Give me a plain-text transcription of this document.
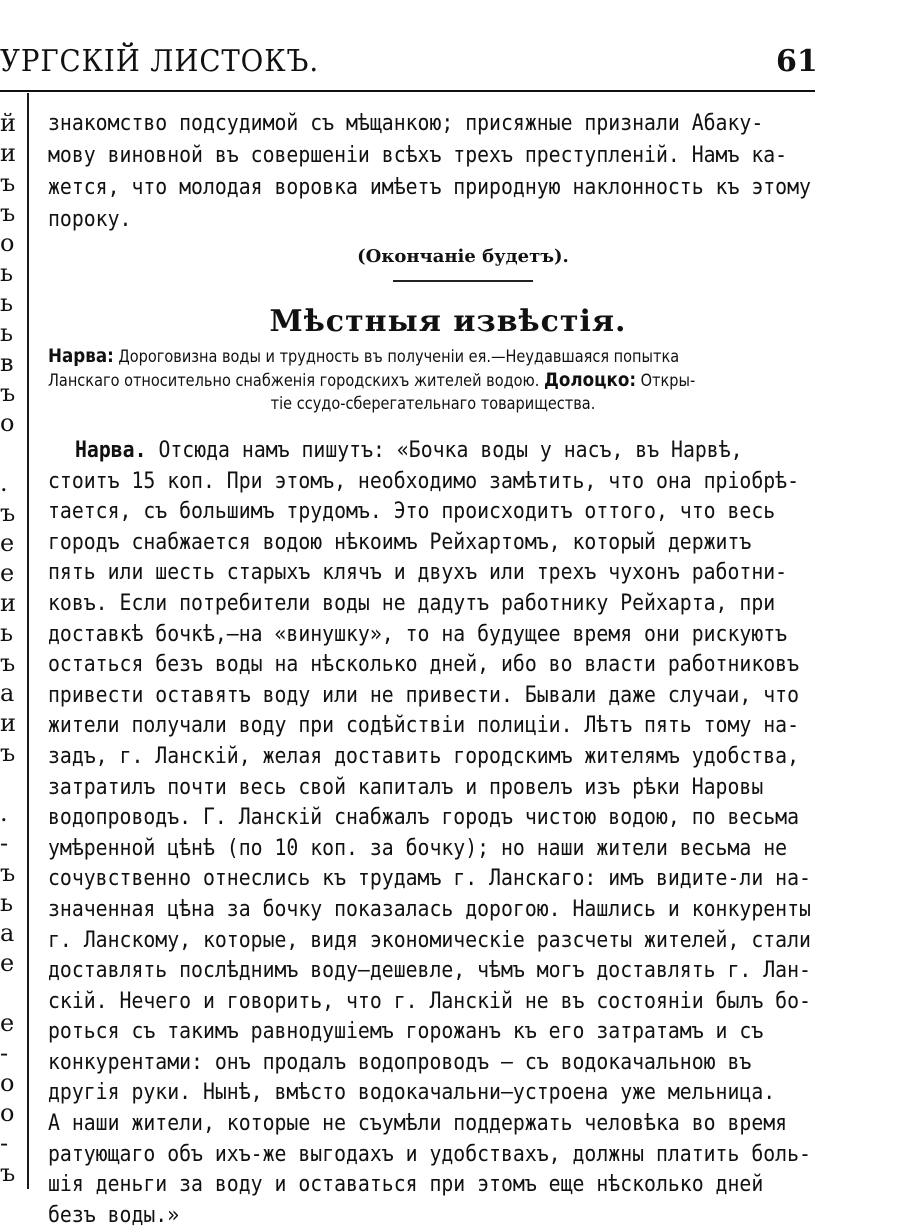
УРГСКІЙ ЛИСТОКЪ.	61
й
и
ъ
ъ
о
ь
ь
ь
в
ъ
о
.
ъ
е
е
и
ь
ъ
а
и
ъ
.
-
ъ
ь
а
е
е
-
о
о
-
ъ
знакомство подсудимой съ мѣщанкою; присяжные признали Абаку-
мову виновной въ совершеніи всѣхъ трехъ преступленій. Намъ ка-
жется, что молодая воровка имѣетъ природную наклонность къ этому
пороку.
(Окончаніе будетъ).
Мѣстныя извѣстія.
Нарва: Дороговизна воды и трудность въ полученіи ея.—Неудавшаяся попытка
Ланскаго относительно снабженія городскихъ жителей водою. Долоцко: Откры-
тіе ссудо-сберегательнаго товарищества.
Нарва. Отсюда намъ пишутъ: «Бочка воды у насъ, въ Нарвѣ,
стоитъ 15 коп. При этомъ, необходимо замѣтить, что она пріобрѣ-
тается, съ большимъ трудомъ. Это происходитъ оттого, что весь
городъ снабжается водою нѣкоимъ Рейхартомъ, который держитъ
пять или шесть старыхъ клячъ и двухъ или трехъ чухонъ работни-
ковъ. Если потребители воды не дадутъ работнику Рейхарта, при
доставкѣ бочкѣ,—на «винушку», то на будущее время они рискуютъ
остаться безъ воды на нѣсколько дней, ибо во власти работниковъ
привести оставятъ воду или не привести. Бывали даже случаи, что
жители получали воду при содѣйствіи полиціи. Лѣтъ пять тому на-
задъ, г. Ланскій, желая доставить городскимъ жителямъ удобства,
затратилъ почти весь свой капиталъ и провелъ изъ рѣки Наровы
водопроводъ. Г. Ланскій снабжалъ городъ чистою водою, по весьма
умѣренной цѣнѣ (по 10 коп. за бочку); но наши жители весьма не
сочувственно отнеслись къ трудамъ г. Ланскаго: имъ видите-ли на-
значенная цѣна за бочку показалась дорогою. Нашлись и конкуренты
г. Ланскому, которые, видя экономическіе разсчеты жителей, стали
доставлять послѣднимъ воду—дешевле, чѣмъ могъ доставлять г. Лан-
скій. Нечего и говорить, что г. Ланскій не въ состояніи былъ бо-
роться съ такимъ равнодушіемъ горожанъ къ его затратамъ и съ
конкурентами: онъ продалъ водопроводъ — съ водокачальною въ
другія руки. Нынѣ, вмѣсто водокачальни—устроена уже мельница.
А наши жители, которые не съумѣли поддержать человѣка во время
ратующаго объ ихъ-же выгодахъ и удобствахъ, должны платить боль-
шія деньги за воду и оставаться при этомъ еще нѣсколько дней
безъ воды.»
